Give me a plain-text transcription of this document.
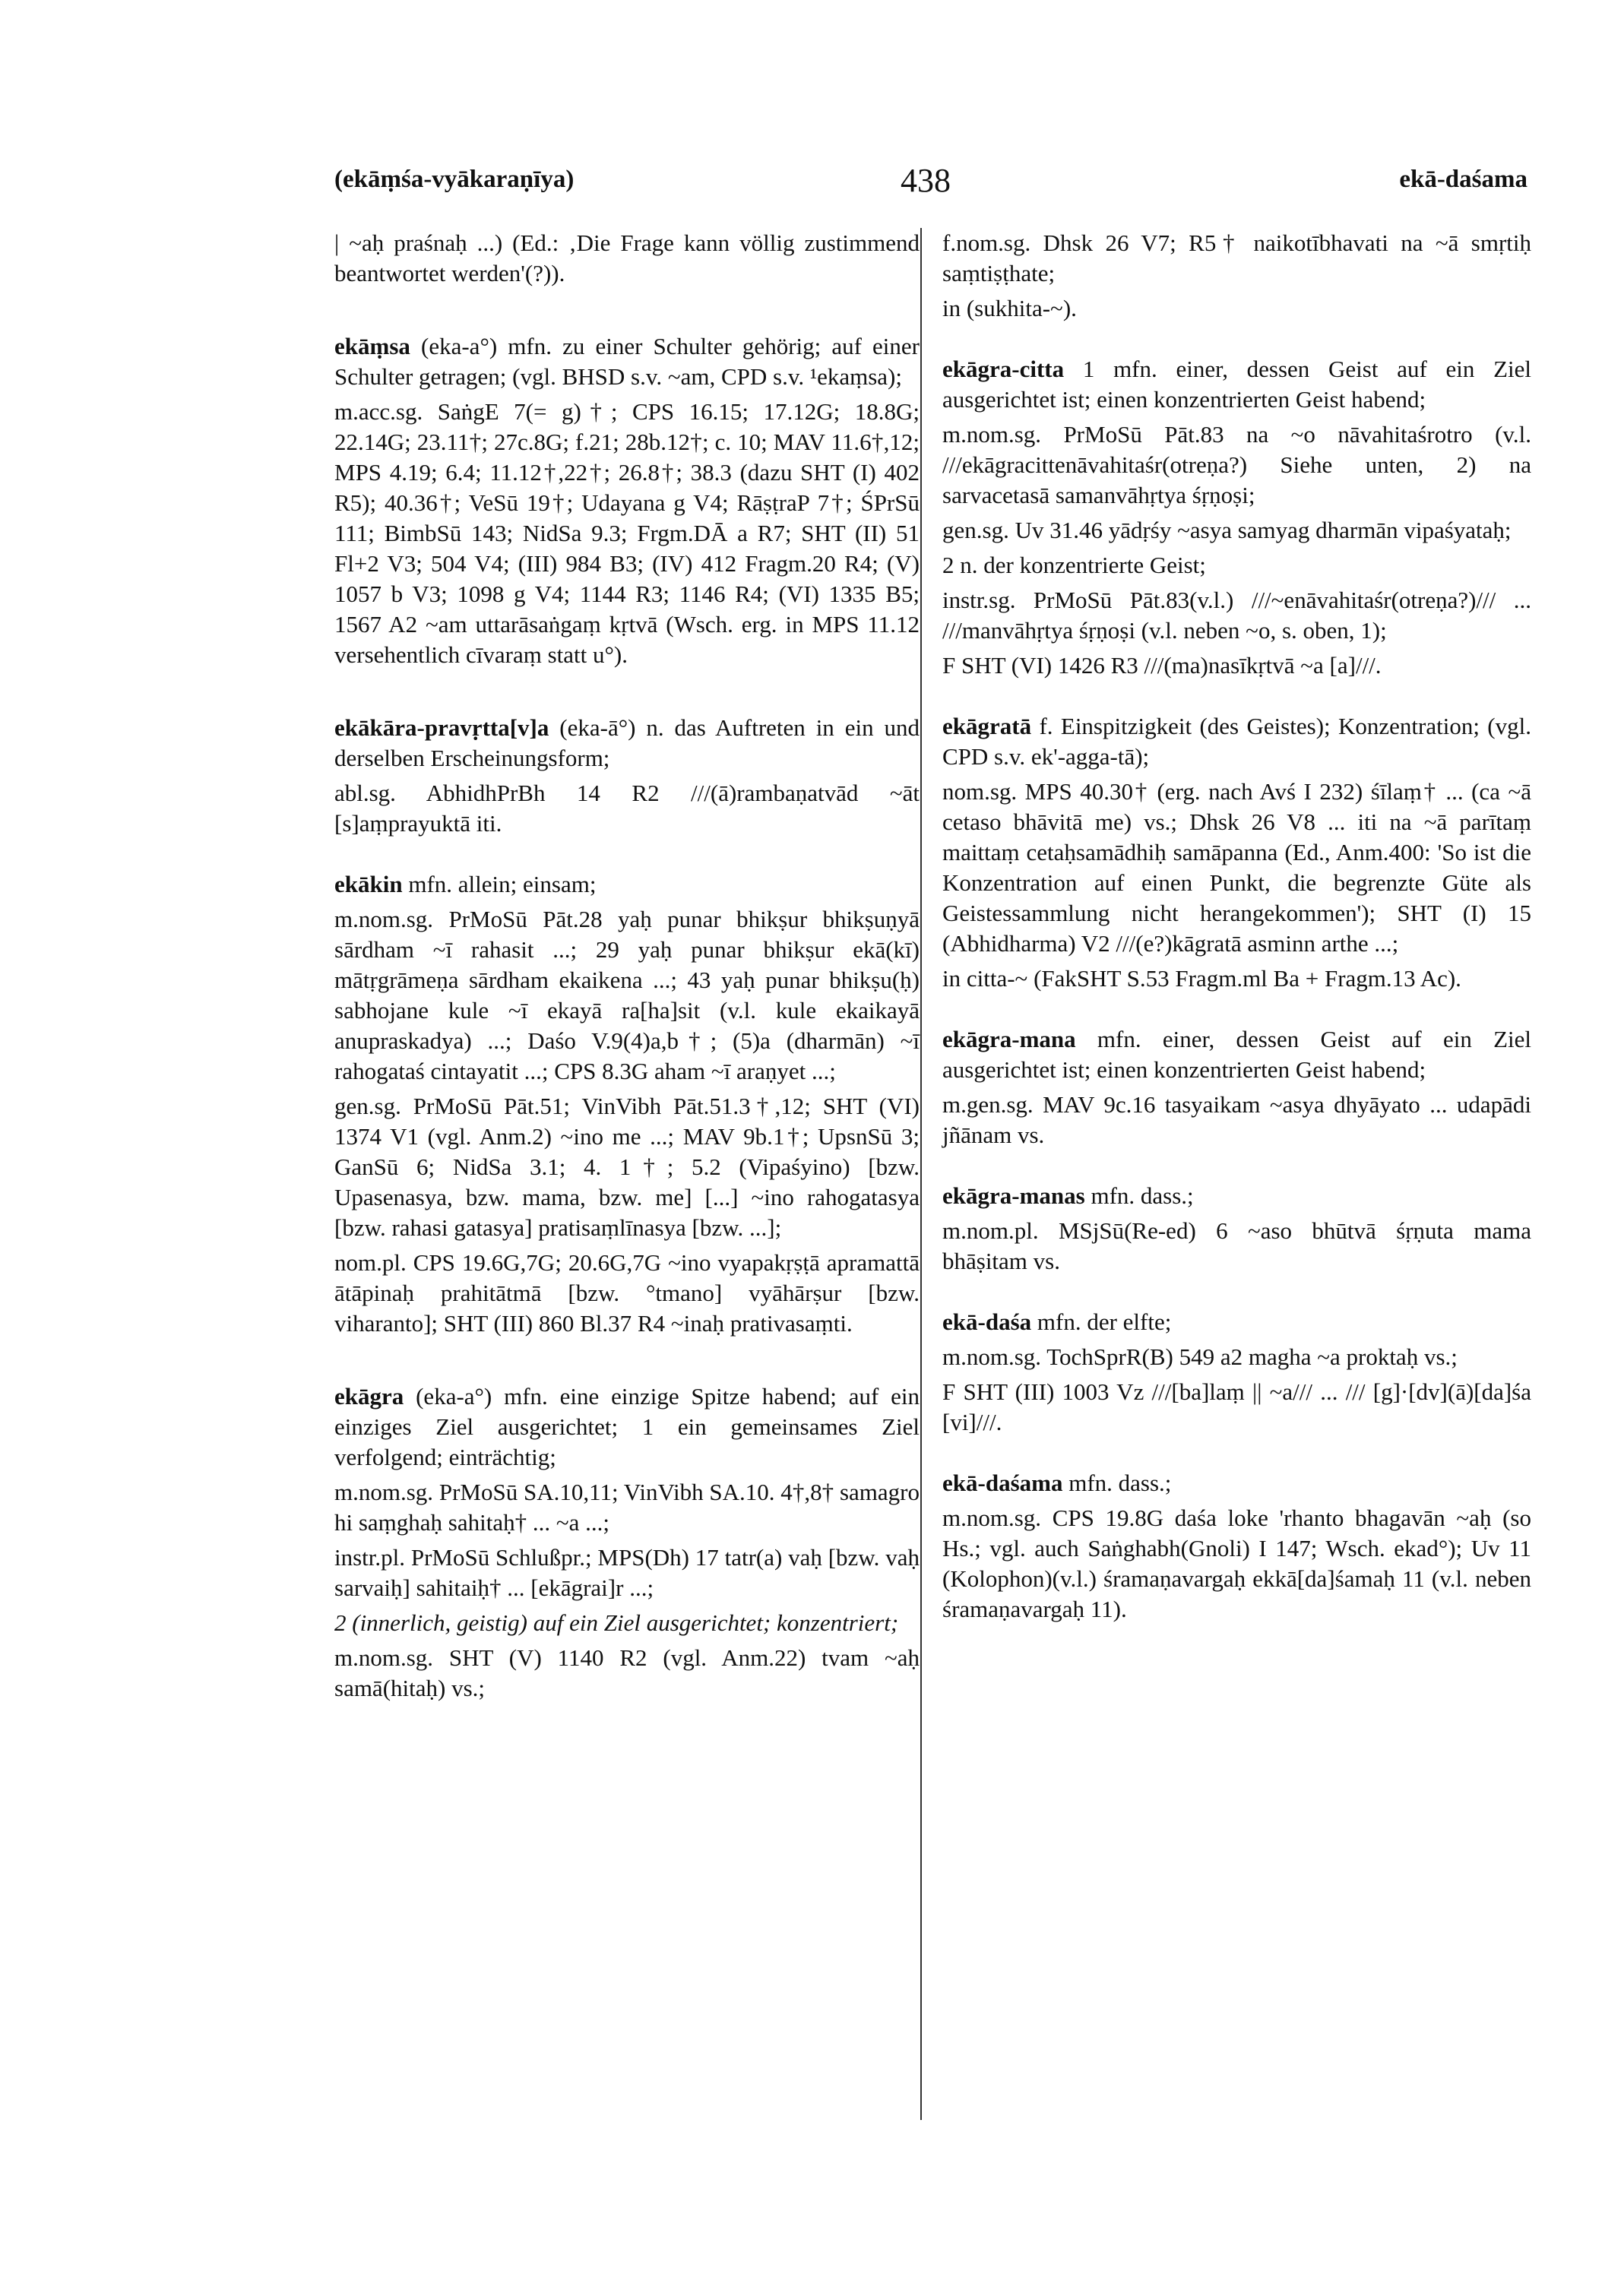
(ekāṃśa-vyākaraṇīya)	438	ekā-daśama

| ~aḥ praśnaḥ ...) (Ed.: ‚Die Frage kann völlig zustimmend beantwortet werden'(?)).

ekāṃsa (eka-a°) mfn. zu einer Schulter gehörig; auf einer Schulter getragen; (vgl. BHSD s.v. ~am, CPD s.v. ¹ekaṃsa);

m.acc.sg. SaṅgE 7(= g)†; CPS 16.15; 17.12G; 18.8G; 22.14G; 23.11†; 27c.8G; f.21; 28b.12†; c. 10; MAV 11.6†,12; MPS 4.19; 6.4; 11.12†,22†; 26.8†; 38.3 (dazu SHT (I) 402 R5); 40.36†; VeSū 19†; Udayana g V4; RāṣṭraP 7†; ŚPrSū 111; BimbSū 143; NidSa 9.3; Frgm.DĀ a R7; SHT (II) 51 Fl+2 V3; 504 V4; (III) 984 B3; (IV) 412 Fragm.20 R4; (V) 1057 b V3; 1098 g V4; 1144 R3; 1146 R4; (VI) 1335 B5; 1567 A2 ~am uttarāsaṅgaṃ kṛtvā (Wsch. erg. in MPS 11.12 versehentlich cīvaraṃ statt u°).

ekākāra-pravṛtta[v]a (eka-ā°) n. das Auftreten in ein und derselben Erscheinungsform;

abl.sg. AbhidhPrBh 14 R2 ///(ā)rambaṇatvād ~āt [s]aṃprayuktā iti.

ekākin mfn. allein; einsam;

m.nom.sg. PrMoSū Pāt.28 yaḥ punar bhikṣur bhikṣuṇyā sārdham ~ī rahasit ...; 29 yaḥ punar bhikṣur ekā(kī) mātṛgrāmeṇa sārdham ekaikena ...; 43 yaḥ punar bhikṣu(ḥ) sabhojane kule ~ī ekayā ra[ha]sit (v.l. kule ekaikayā anupraskadya) ...; Daśo V.9(4)a,b†; (5)a (dharmān) ~ī rahogataś cintayatit ...; CPS 8.3G aham ~ī araṇyet ...;

gen.sg. PrMoSū Pāt.51; VinVibh Pāt.51.3†,12; SHT (VI) 1374 V1 (vgl. Anm.2) ~ino me ...; MAV 9b.1†; UpsnSū 3; GanSū 6; NidSa 3.1; 4. 1†; 5.2 (Vipaśyino) [bzw. Upasenasya, bzw. mama, bzw. me] [...] ~ino rahogatasya [bzw. rahasi gatasya] pratisaṃlīnasya [bzw. ...];

nom.pl. CPS 19.6G,7G; 20.6G,7G ~ino vyapakṛṣṭā apramattā ātāpinaḥ prahitātmā [bzw. °tmano] vyāhārṣur [bzw. viharanto]; SHT (III) 860 Bl.37 R4 ~inaḥ prativasaṃti.

ekāgra (eka-a°) mfn. eine einzige Spitze habend; auf ein einziges Ziel ausgerichtet; 1 ein gemeinsames Ziel verfolgend; einträchtig;

m.nom.sg. PrMoSū SA.10,11; VinVibh SA.10. 4†,8† samagro hi saṃghaḥ sahitaḥ† ... ~a ...;

instr.pl. PrMoSū Schlußpr.; MPS(Dh) 17 tatr(a) vaḥ [bzw. vaḥ sarvaiḥ] sahitaiḥ† ... [ekāgrai]r ...;

2 (innerlich, geistig) auf ein Ziel ausgerichtet; konzentriert;

m.nom.sg. SHT (V) 1140 R2 (vgl. Anm.22) tvam ~aḥ samā(hitaḥ) vs.;

f.nom.sg. Dhsk 26 V7; R5† naikotībhavati na ~ā smṛtiḥ saṃtiṣṭhate;

in (sukhita-~).

ekāgra-citta 1 mfn. einer, dessen Geist auf ein Ziel ausgerichtet ist; einen konzentrierten Geist habend;

m.nom.sg. PrMoSū Pāt.83 na ~o nāvahitaśrotro (v.l. ///ekāgracittenāvahitaśr(otreṇa?) Siehe unten, 2) na sarvacetasā samanvāhṛtya śṛṇoṣi;

gen.sg. Uv 31.46 yādṛśy ~asya samyag dharmān vipaśyataḥ;

2 n. der konzentrierte Geist;

instr.sg. PrMoSū Pāt.83(v.l.) ///~enāvahitaśr(otreṇa?)/// ... ///manvāhṛtya śṛṇoṣi (v.l. neben ~o, s. oben, 1);

F SHT (VI) 1426 R3 ///(ma)nasīkṛtvā ~a [a]///.

ekāgratā f. Einspitzigkeit (des Geistes); Konzentration; (vgl. CPD s.v. ek'-agga-tā);

nom.sg. MPS 40.30† (erg. nach Avś I 232) śīlaṃ† ... (ca ~ā cetaso bhāvitā me) vs.; Dhsk 26 V8 ... iti na ~ā parītaṃ maittaṃ cetaḥsamādhiḥ samāpanna (Ed., Anm.400: 'So ist die Konzentration auf einen Punkt, die begrenzte Güte als Geistessammlung nicht herangekommen'); SHT (I) 15 (Abhidharma) V2 ///(e?)kāgratā asminn arthe ...;

in citta-~ (FakSHT S.53 Fragm.ml Ba + Fragm.13 Ac).

ekāgra-mana mfn. einer, dessen Geist auf ein Ziel ausgerichtet ist; einen konzentrierten Geist habend;

m.gen.sg. MAV 9c.16 tasyaikam ~asya dhyāyato ... udapādi jñānam vs.

ekāgra-manas mfn. dass.;

m.nom.pl. MSjSū(Re-ed) 6 ~aso bhūtvā śṛṇuta mama bhāṣitam vs.

ekā-daśa mfn. der elfte;

m.nom.sg. TochSprR(B) 549 a2 magha ~a proktaḥ vs.;

F SHT (III) 1003 Vz ///[ba]laṃ || ~a/// ... /// [g]·[dv](ā)[da]śa [vi]///.

ekā-daśama mfn. dass.;

m.nom.sg. CPS 19.8G daśa loke 'rhanto bhagavān ~aḥ (so Hs.; vgl. auch Saṅghabh(Gnoli) I 147; Wsch. ekad°); Uv 11 (Kolophon)(v.l.) śramaṇavargaḥ ekkā[da]śamaḥ 11 (v.l. neben śramaṇavargaḥ 11).
